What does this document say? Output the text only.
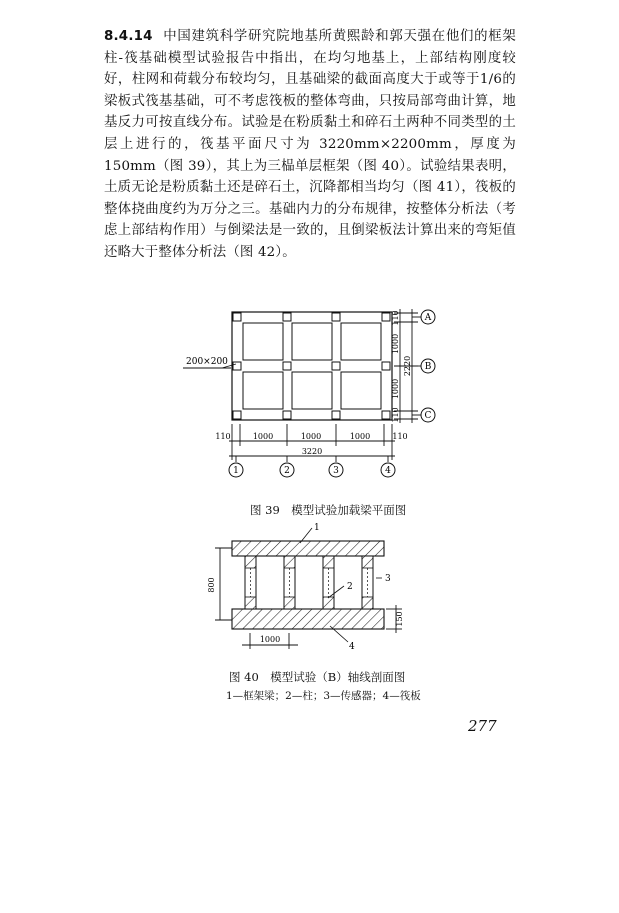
8.4.14 中国建筑科学研究院地基所黄熙龄和郭天强在他们的框架柱-筏基础模型试验报告中指出，在均匀地基上，上部结构刚度较好，柱网和荷载分布较均匀，且基础梁的截面高度大于或等于1/6的梁板式筏基基础，可不考虑筏板的整体弯曲，只按局部弯曲计算，地基反力可按直线分布。试验是在粉质黏土和碎石土两种不同类型的土层上进行的，筏基平面尺寸为 3220mm×2200mm，厚度为 150mm（图 39），其上为三榀单层框架（图 40）。试验结果表明，土质无论是粉质黏土还是碎石土，沉降都相当均匀（图 41），筏板的整体挠曲度约为万分之三。基础内力的分布规律，按整体分析法（考虑上部结构作用）与倒梁法是一致的，且倒梁板法计算出来的弯矩值还略大于整体分析法（图 42）。
200×200
110
1000
1000
110
2220
A
B
C
110	1000	1000	1000	110
3220
1	2	3	4
800
150
1000
1
2
3
4
图 39　模型试验加载梁平面图
图 40　模型试验（B）轴线剖面图
1—框架梁；2—柱；3—传感器；4—筏板
277
